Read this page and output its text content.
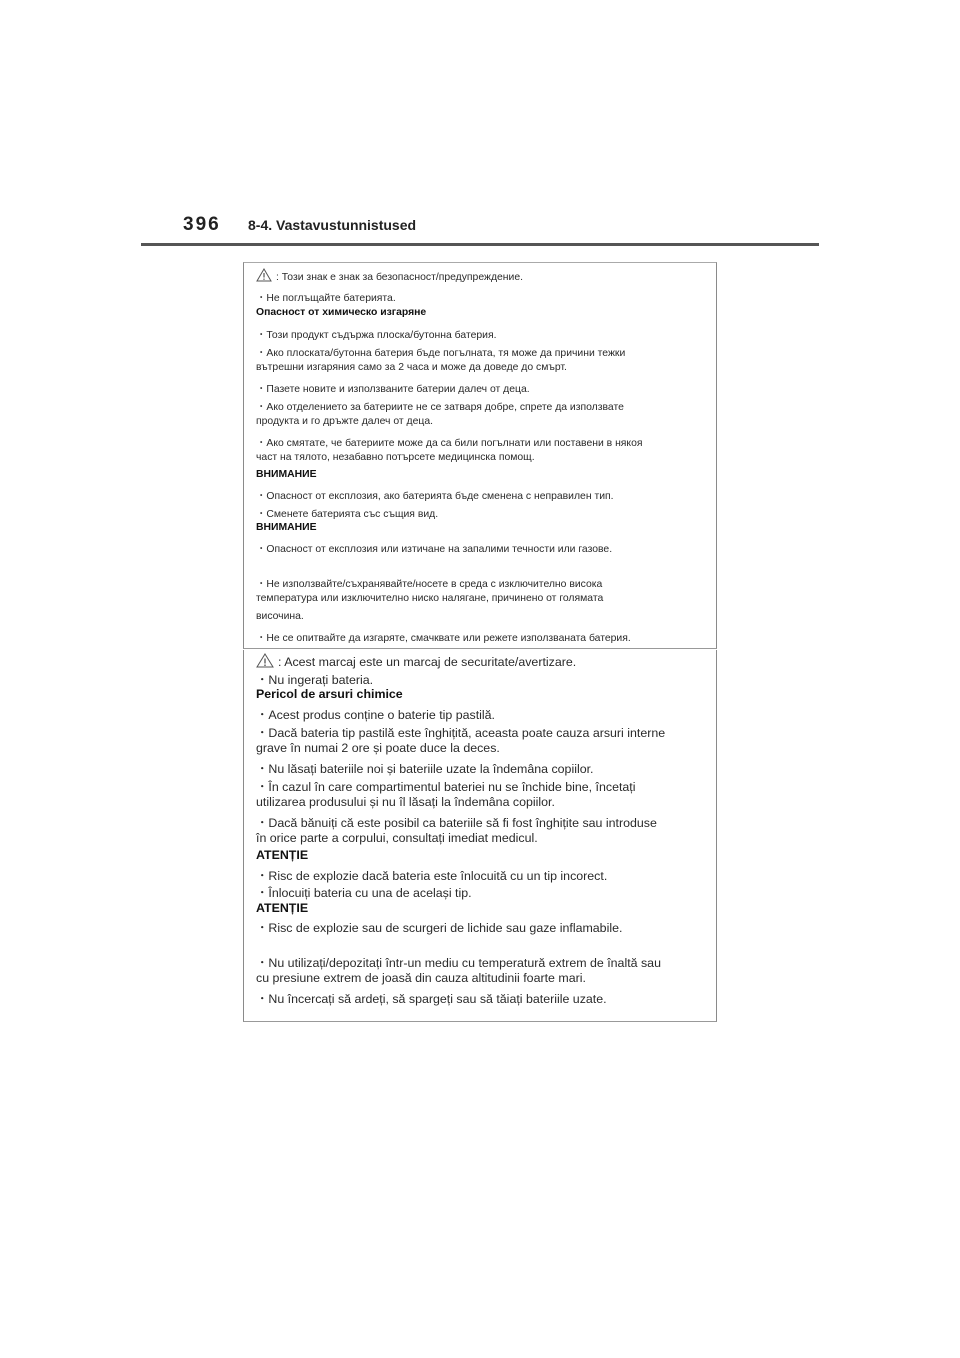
396 8-4. Vastavustunnistused
: Този знак е знак за безопасност/предупреждение.
・Не поглъщайте батерията.
Опасност от химическо изгаряне
・Този продукт съдържа плоска/бутонна батерия.
・Ако плоската/бутонна батерия бъде погълната, тя може да причини тежки
вътрешни изгаряния само за 2 часа и може да доведе до смърт.
・Пазете новите и използваните батерии далеч от деца.
・Ако отделението за батериите не се затваря добре, спрете да използвате
продукта и го дръжте далеч от деца.
・Ако смятате, че батериите може да са били погълнати или поставени в някоя
част на тялото, незабавно потърсете медицинска помощ.
ВНИМАНИЕ
・Опасност от експлозия, ако батерията бъде сменена с неправилен тип.
・Сменете батерията със същия вид.
ВНИМАНИЕ
・Опасност от експлозия или изтичане на запалими течности или газове.
・Не използвайте/съхранявайте/носете в среда с изключително висока
температура или изключително ниско налягане, причинено от голямата
височина.
・Не се опитвайте да изгаряте, смачквате или режете използваната батерия.
: Acest marcaj este un marcaj de securitate/avertizare.
・Nu ingerați bateria.
Pericol de arsuri chimice
・Acest produs conține o baterie tip pastilă.
・Dacă bateria tip pastilă este înghițită, aceasta poate cauza arsuri interne
grave în numai 2 ore și poate duce la deces.
・Nu lăsați bateriile noi și bateriile uzate la îndemâna copiilor.
・În cazul în care compartimentul bateriei nu se închide bine, încetați
utilizarea produsului și nu îl lăsați la îndemâna copiilor.
・Dacă bănuiți că este posibil ca bateriile să fi fost înghițite sau introduse
în orice parte a corpului, consultați imediat medicul.
ATENȚIE
・Risc de explozie dacă bateria este înlocuită cu un tip incorect.
・Înlocuiți bateria cu una de același tip.
ATENȚIE
・Risc de explozie sau de scurgeri de lichide sau gaze inflamabile.
・Nu utilizați/depozitați într-un mediu cu temperatură extrem de înaltă sau
cu presiune extrem de joasă din cauza altitudinii foarte mari.
・Nu încercați să ardeți, să spargeți sau să tăiați bateriile uzate.
